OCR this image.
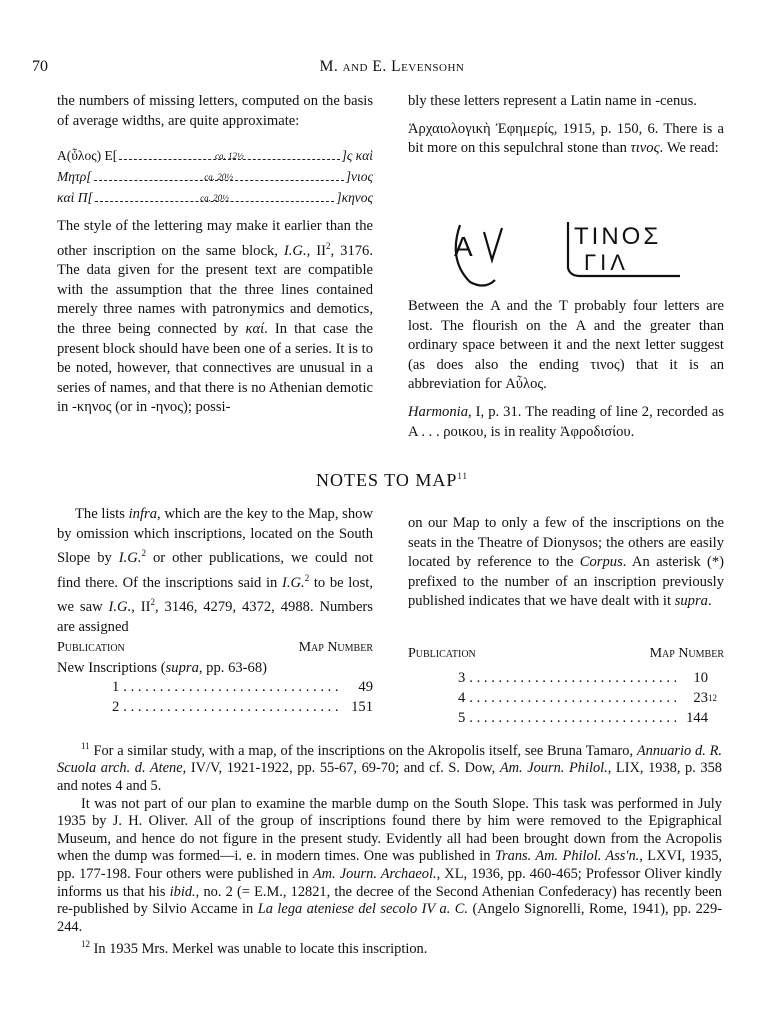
70	M. and E. Levensohn

the numbers of missing letters, computed on the basis of average widths, are quite approximate:

Α(ὖλος) Ε[	ca. 12½	]ς καὶ
Μητρ[	ca. 20½	]νιος
καὶ Π[	ca. 20½	]κηνος

The style of the lettering may make it earlier than the other inscription on the same block, I.G., $II^2$, 3176. The data given for the present text are compatible with the assumption that the three lines contained merely three names with patronymics and demotics, the three being connected by καί. In that case the present block should have been one of a series. It is to be noted, however, that connectives are unusual in a series of names, and that there is no Athenian demotic in -κηνος (or in -ηνος); possi-

bly these letters represent a Latin name in -cenus.

Ἀρχαιολογικὴ Ἐφημερίς, 1915, p. 150, 6. There is a bit more on this sepulchral stone than τινος. We read:

A	ΤΙΝΟΣ
ΓΙΛ

Between the Α and the Τ probably four letters are lost. The flourish on the Α and the greater than ordinary space between it and the next letter suggest (as does also the ending τινος) that it is an abbreviation for Αὖλος.

Harmonia, I, p. 31. The reading of line 2, recorded as Α . . . ροικου, is in reality Ἀφροδισίου.

NOTES TO MAP$^{11}$

The lists infra, which are the key to the Map, show by omission which inscriptions, located on the South Slope by I.G.$^2$ or other publications, we could not find there. Of the inscriptions said in I.G.$^2$ to be lost, we saw I.G., $II^2$, 3146, 4279, 4372, 4988. Numbers are assigned

on our Map to only a few of the inscriptions on the seats in the Theatre of Dionysos; the others are easily located by reference to the Corpus. An asterisk (*) prefixed to the number of an inscription previously published indicates that we have dealt with it supra.

Publication	Map Number
New Inscriptions (supra, pp. 63-68)
1 . . .	49
2 . . .	151
Publication	Map Number
3 . . .	10
4 . . .	23 12
5 . . .	144

$^{11}$ For a similar study, with a map, of the inscriptions on the Akropolis itself, see Bruna Tamaro, Annuario d. R. Scuola arch. d. Atene, IV/V, 1921-1922, pp. 55-67, 69-70; and cf. S. Dow, Am. Journ. Philol., LIX, 1938, p. 358 and notes 4 and 5.

It was not part of our plan to examine the marble dump on the South Slope. This task was performed in July 1935 by J. H. Oliver. All of the group of inscriptions found there by him were removed to the Epigraphical Museum, and hence do not figure in the present study. Evidently all had been brought down from the Acropolis when the dump was formed—i. e. in modern times. One was published in Trans. Am. Philol. Ass'n., LXVI, 1935, pp. 177-198. Four others were published in Am. Journ. Archaeol., XL, 1936, pp. 460-465; Professor Oliver kindly informs us that his ibid., no. 2 (= E.M., 12821, the decree of the Second Athenian Confederacy) has recently been re-published by Silvio Accame in La lega ateniese del secolo IV a. C. (Angelo Signorelli, Rome, 1941), pp. 229-244.

$^{12}$ In 1935 Mrs. Merkel was unable to locate this inscription.
